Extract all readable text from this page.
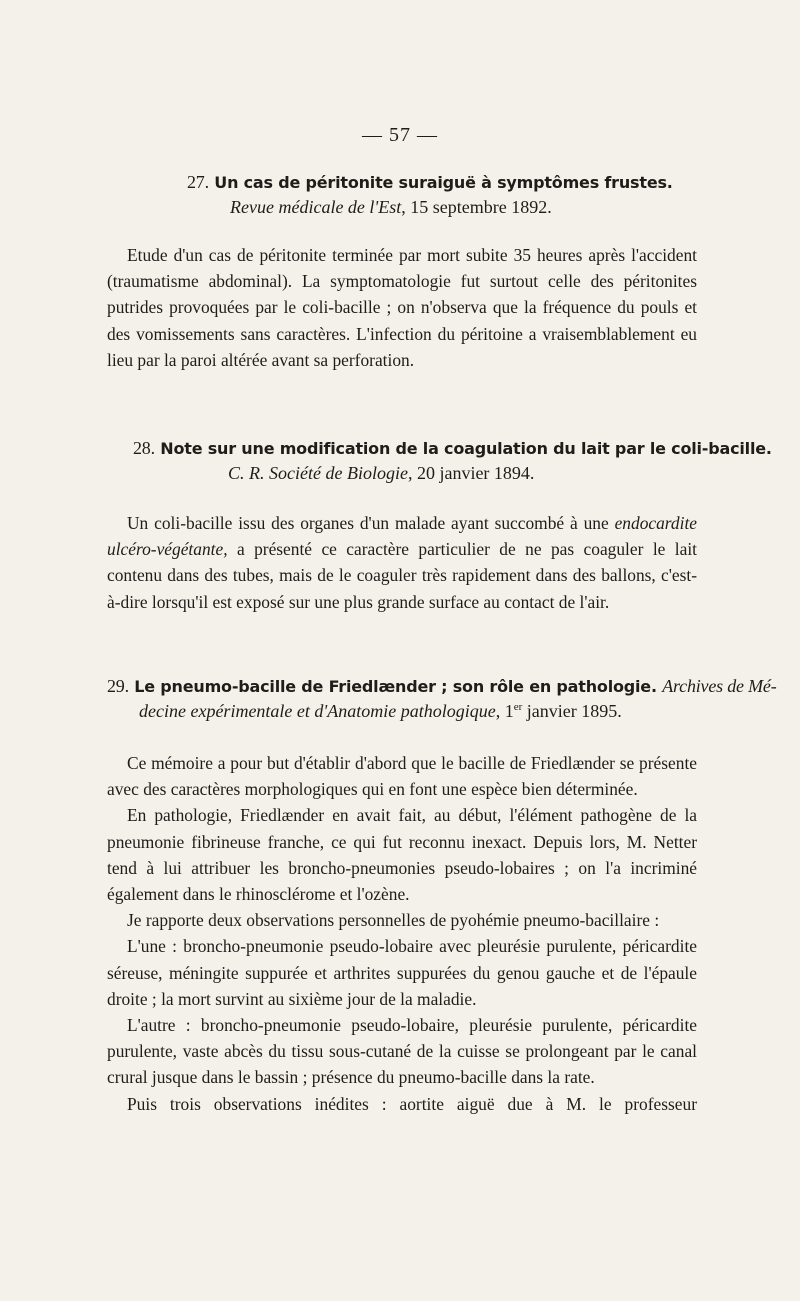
— 57 —
27. Un cas de péritonite suraiguë à symptômes frustes.
Revue médicale de l'Est, 15 septembre 1892.

Etude d'un cas de péritonite terminée par mort subite 35 heures après l'accident (traumatisme abdominal). La symptomatologie fut surtout celle des péritonites putrides provoquées par le coli-bacille ; on n'observa que la fréquence du pouls et des vomissements sans caractères. L'infection du péritoine a vraisemblablement eu lieu par la paroi altérée avant sa perforation.

28. Note sur une modification de la coagulation du lait par le coli-bacille.
C. R. Société de Biologie, 20 janvier 1894.

Un coli-bacille issu des organes d'un malade ayant succombé à une endocardite ulcéro-végétante, a présenté ce caractère particulier de ne pas coaguler le lait contenu dans des tubes, mais de le coaguler très rapidement dans des ballons, c'est-à-dire lorsqu'il est exposé sur une plus grande surface au contact de l'air.

29. Le pneumo-bacille de Friedlænder ; son rôle en pathologie. Archives de Mé-
decine expérimentale et d'Anatomie pathologique, 1er janvier 1895.

Ce mémoire a pour but d'établir d'abord que le bacille de Friedlænder se présente avec des caractères morphologiques qui en font une espèce bien déterminée.

En pathologie, Friedlænder en avait fait, au début, l'élément pathogène de la pneumonie fibrineuse franche, ce qui fut reconnu inexact. Depuis lors, M. Netter tend à lui attribuer les broncho-pneumonies pseudo-lobaires ; on l'a incriminé également dans le rhinosclérome et l'ozène.

Je rapporte deux observations personnelles de pyohémie pneumo-bacillaire :

L'une : broncho-pneumonie pseudo-lobaire avec pleurésie purulente, péricardite séreuse, méningite suppurée et arthrites suppurées du genou gauche et de l'épaule droite ; la mort survint au sixième jour de la maladie.

L'autre : broncho-pneumonie pseudo-lobaire, pleurésie purulente, péricardite purulente, vaste abcès du tissu sous-cutané de la cuisse se prolongeant par le canal crural jusque dans le bassin ; présence du pneumo-bacille dans la rate.

Puis trois observations inédites : aortite aiguë due à M. le professeur
